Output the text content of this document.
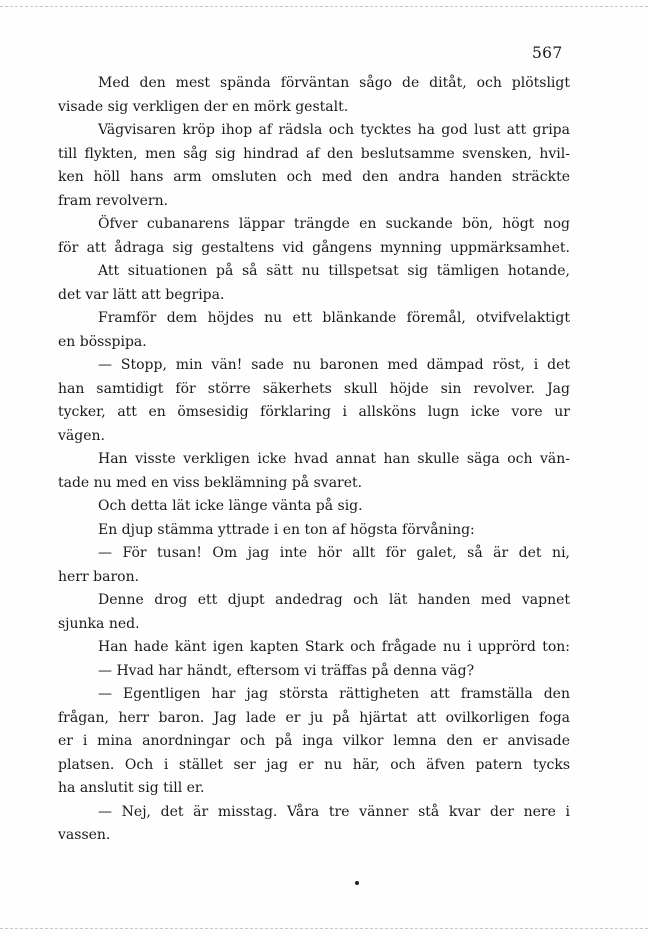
567
Med den mest spända förväntan sågo de ditåt, och plötsligt
visade sig verkligen der en mörk gestalt.
Vägvisaren kröp ihop af rädsla och tycktes ha god lust att gripa
till flykten, men såg sig hindrad af den beslutsamme svensken, hvil-
ken höll hans arm omsluten och med den andra handen sträckte
fram revolvern.
Öfver cubanarens läppar trängde en suckande bön, högt nog
för att ådraga sig gestaltens vid gångens mynning uppmärksamhet.
Att situationen på så sätt nu tillspetsat sig tämligen hotande,
det var lätt att begripa.
Framför dem höjdes nu ett blänkande föremål, otvifvelaktigt
en bösspipa.
— Stopp, min vän! sade nu baronen med dämpad röst, i det
han samtidigt för större säkerhets skull höjde sin revolver. Jag
tycker, att en ömsesidig förklaring i allsköns lugn icke vore ur
vägen.
Han visste verkligen icke hvad annat han skulle säga och vän-
tade nu med en viss beklämning på svaret.
Och detta lät icke länge vänta på sig.
En djup stämma yttrade i en ton af högsta förvåning:
— För tusan! Om jag inte hör allt för galet, så är det ni,
herr baron.
Denne drog ett djupt andedrag och lät handen med vapnet
sjunka ned.
Han hade känt igen kapten Stark och frågade nu i upprörd ton:
— Hvad har händt, eftersom vi träffas på denna väg?
— Egentligen har jag största rättigheten att framställa den
frågan, herr baron. Jag lade er ju på hjärtat att ovilkorligen foga
er i mina anordningar och på inga vilkor lemna den er anvisade
platsen. Och i stället ser jag er nu här, och äfven patern tycks
ha anslutit sig till er.
— Nej, det är misstag. Våra tre vänner stå kvar der nere i
vassen.
